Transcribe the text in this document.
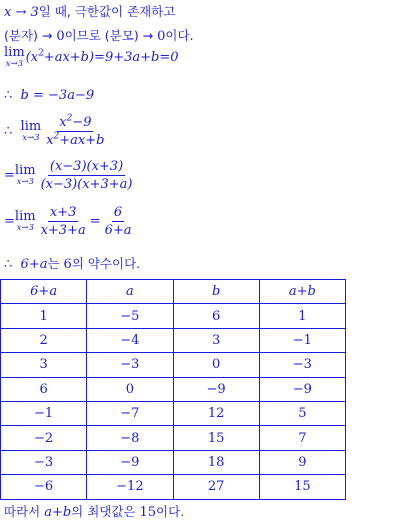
x → 3일 때, 극한값이 존재하고
(분자) → 0이므로 (분모) → 0이다.
lim
x→3 $(x^2+ax+b)=9+3a+b=0$
∴ b = −3a−9
∴ lim
$x\to 3 \frac{x^2-9}{x^2+ax+b}$
= lim
$x\to 3 \frac{(x-3)(x+3)}{(x-3)(x+3+a)}$
= lim
$x\to 3 \frac{x+3}{x+3+a} = \frac{6}{6+a}$
∴ 6+a는 6의 약수이다.
6+a	a	b	a+b
1	−5	6	1
2	−4	3	−1
3	−3	0	−3
6	0	−9	−9
−1	−7	12	5
−2	−8	15	7
−3	−9	18	9
−6	−12	27	15
따라서 a+b의 최댓값은 15이다.
